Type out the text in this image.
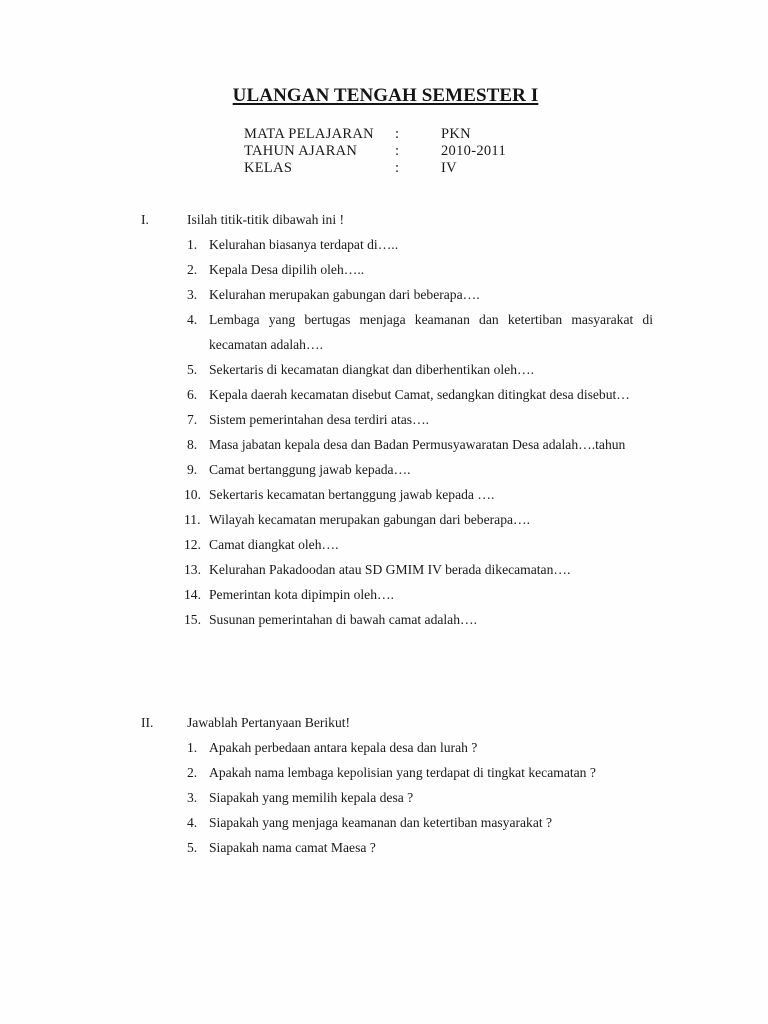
ULANGAN TENGAH SEMESTER I
MATA PELAJARAN :	PKN
TAHUN AJARAN	:	2010-2011
KELAS	:	IV
I.	Isilah titik-titik dibawah ini !
1. Kelurahan biasanya terdapat di…..
2. Kepala Desa dipilih oleh…..
3. Kelurahan merupakan gabungan dari beberapa….
4. Lembaga yang bertugas menjaga keamanan dan ketertiban masyarakat di kecamatan adalah….
5. Sekertaris di kecamatan diangkat dan diberhentikan oleh….
6. Kepala daerah kecamatan disebut Camat, sedangkan ditingkat desa disebut…
7. Sistem pemerintahan desa terdiri atas….
8. Masa jabatan kepala desa dan Badan Permusyawaratan Desa adalah….tahun
9. Camat bertanggung jawab kepada….
10. Sekertaris kecamatan bertanggung jawab kepada ….
11. Wilayah kecamatan merupakan gabungan dari beberapa….
12. Camat diangkat oleh….
13. Kelurahan Pakadoodan atau SD GMIM IV berada dikecamatan….
14. Pemerintan kota dipimpin oleh….
15. Susunan pemerintahan di bawah camat adalah….
II. Jawablah Pertanyaan Berikut!
1. Apakah perbedaan antara kepala desa dan lurah ?
2. Apakah nama lembaga kepolisian yang terdapat di tingkat kecamatan ?
3. Siapakah yang memilih kepala desa ?
4. Siapakah yang menjaga keamanan dan ketertiban masyarakat ?
5. Siapakah nama camat Maesa ?
